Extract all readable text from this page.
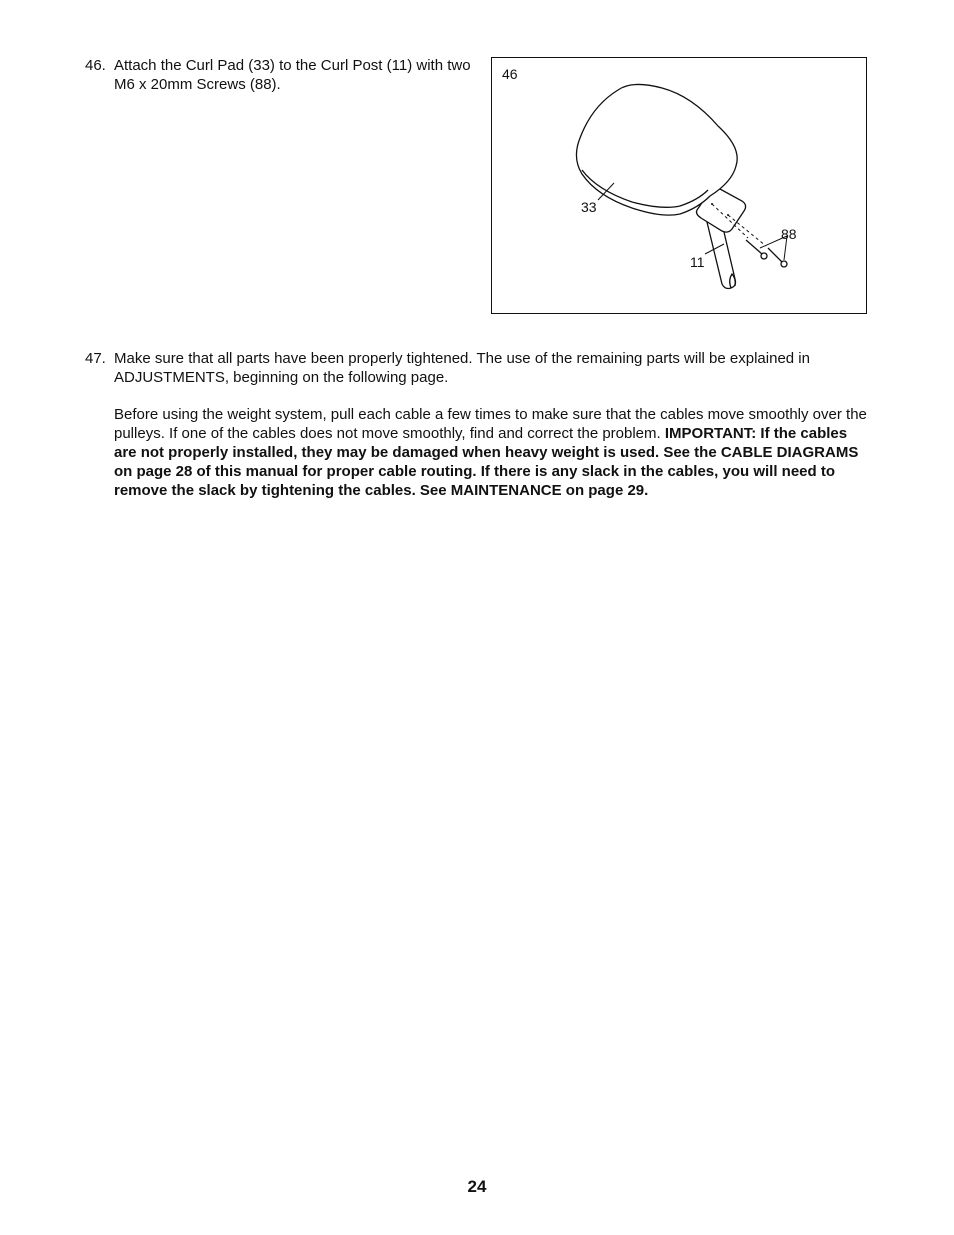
46. Attach the Curl Pad (33) to the Curl Post (11) with two M6 x 20mm Screws (88).

46
33
11
88
47. Make sure that all parts have been properly tightened. The use of the remaining parts will be explained in ADJUSTMENTS, beginning on the following page.

Before using the weight system, pull each cable a few times to make sure that the cables move smoothly over the pulleys. If one of the cables does not move smoothly, find and correct the problem. IMPORTANT: If the cables are not properly installed, they may be damaged when heavy weight is used. See the CABLE DIAGRAMS on page 28 of this manual for proper cable routing. If there is any slack in the cables, you will need to remove the slack by tightening the cables. See MAINTENANCE on page 29.

24
